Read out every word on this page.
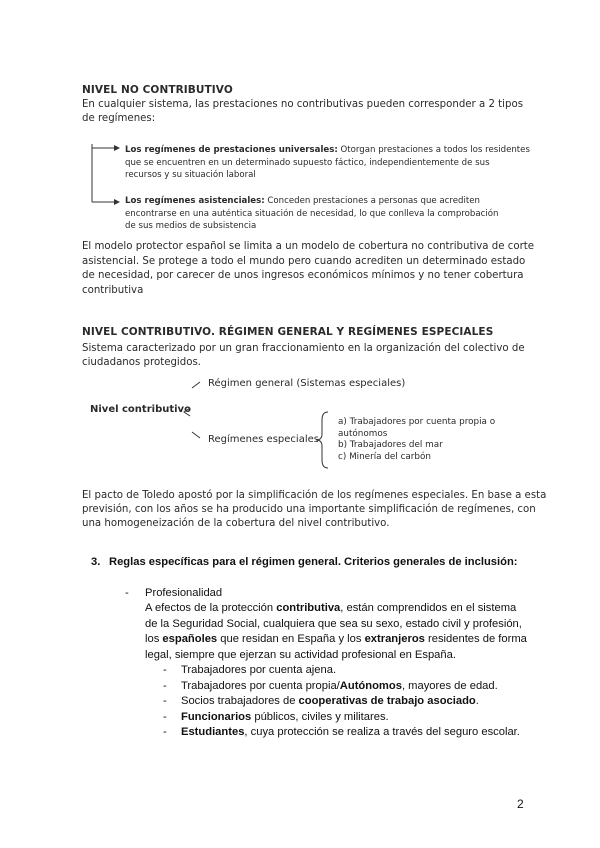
NIVEL NO CONTRIBUTIVO
En cualquier sistema, las prestaciones no contributivas pueden corresponder a 2 tipos
de regímenes:
Los regímenes de prestaciones universales: Otorgan prestaciones a todos los residentes
que se encuentren en un determinado supuesto fáctico, independientemente de sus
recursos y su situación laboral
Los regímenes asistenciales: Conceden prestaciones a personas que acrediten
encontrarse en una auténtica situación de necesidad, lo que conlleva la comprobación
de sus medios de subsistencia
El modelo protector español se limita a un modelo de cobertura no contributiva de corte
asistencial. Se protege a todo el mundo pero cuando acrediten un determinado estado
de necesidad, por carecer de unos ingresos económicos mínimos y no tener cobertura
contributiva
NIVEL CONTRIBUTIVO. RÉGIMEN GENERAL Y REGÍMENES ESPECIALES
Sistema caracterizado por un gran fraccionamiento en la organización del colectivo de
ciudadanos protegidos.
Nivel contributivo
Régimen general (Sistemas especiales)
Regímenes especiales
a) Trabajadores por cuenta propia o
autónomos
b) Trabajadores del mar
c) Minería del carbón
El pacto de Toledo apostó por la simplificación de los regímenes especiales. En base a esta
previsión, con los años se ha producido una importante simplificación de regímenes, con
una homogeneización de la cobertura del nivel contributivo.
3. Reglas específicas para el régimen general. Criterios generales de inclusión:
- Profesionalidad
A efectos de la protección contributiva, están comprendidos en el sistema
de la Seguridad Social, cualquiera que sea su sexo, estado civil y profesión,
los españoles que residan en España y los extranjeros residentes de forma
legal, siempre que ejerzan su actividad profesional en España.
- Trabajadores por cuenta ajena.
- Trabajadores por cuenta propia/Autónomos, mayores de edad.
- Socios trabajadores de cooperativas de trabajo asociado.
- Funcionarios públicos, civiles y militares.
- Estudiantes, cuya protección se realiza a través del seguro escolar.
2
